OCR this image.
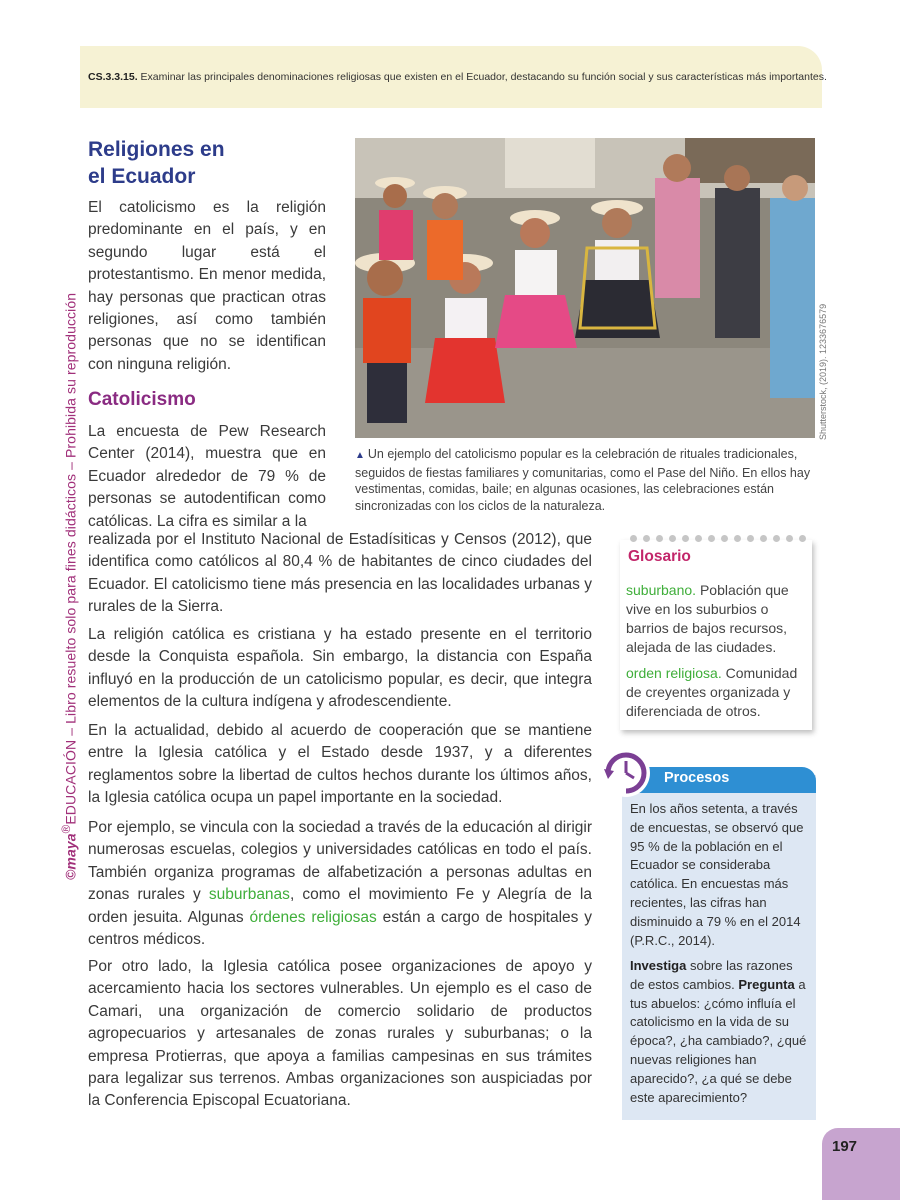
CS.3.3.15. Examinar las principales denominaciones religiosas que existen en el Ecuador, destacando su función social y sus características más importantes.
©maya®EDUCACIÓN – Libro resuelto solo para fines didácticos – Prohibida su reproducción
Religiones en
el Ecuador

El catolicismo es la religión predominante en el país, y en segundo lugar está el protestantismo. En menor medida, hay personas que practican otras religiones, así como también personas que no se identifican con ninguna religión.

Catolicismo

La encuesta de Pew Research Center (2014), muestra que en Ecuador alrededor de 79 % de personas se autodentifican como católicas. La cifra es similar a la

realizada por el Instituto Nacional de Estadísiticas y Censos (2012), que identifica como católicos al 80,4 % de habitantes de cinco ciudades del Ecuador. El catolicismo tiene más presencia en las localidades urbanas y rurales de la Sierra.

La religión católica es cristiana y ha estado presente en el territorio desde la Conquista española. Sin embargo, la distancia con España influyó en la producción de un catolicismo popular, es decir, que integra elementos de la cultura indígena y afrodescendiente.

En la actualidad, debido al acuerdo de cooperación que se mantiene entre la Iglesia católica y el Estado desde 1937, y a diferentes reglamentos sobre la libertad de cultos hechos durante los últimos años, la Iglesia católica ocupa un papel importante en la sociedad.

Por ejemplo, se vincula con la sociedad a través de la educación al dirigir numerosas escuelas, colegios y universidades católicas en todo el país. También organiza programas de alfabetización a personas adultas en zonas rurales y suburbanas, como el movimiento Fe y Alegría de la orden jesuita. Algunas órdenes religiosas están a cargo de hospitales y centros médicos.

Por otro lado, la Iglesia católica posee organizaciones de apoyo y acercamiento hacia los sectores vulnerables. Un ejemplo es el caso de Camari, una organización de comercio solidario de productos agropecuarios y artesanales de zonas rurales y suburbanas; o la empresa Protierras, que apoya a familias campesinas en sus trámites para legalizar sus terrenos. Ambas organizaciones son auspiciadas por la Conferencia Episcopal Ecuatoriana.

Shutterstock, (2019). 1233676579
▲ Un ejemplo del catolicismo popular es la celebración de rituales tradicionales, seguidos de fiestas familiares y comunitarias, como el Pase del Niño. En ellos hay vestimentas, comidas, baile; en algunas ocasiones, las celebraciones están sincronizadas con los ciclos de la naturaleza.
Glosario
suburbano. Población que vive en los suburbios o barrios de bajos recursos, alejada de las ciudades.
orden religiosa. Comunidad de creyentes organizada y diferenciada de otros.
Procesos
En los años setenta, a través de encuestas, se observó que 95 % de la población en el Ecuador se consideraba católica. En encuestas más recientes, las cifras han disminuido a 79 % en el 2014 (P.R.C., 2014).
Investiga sobre las razones de estos cambios. Pregunta a tus abuelos: ¿cómo influía el catolicismo en la vida de su época?, ¿ha cambiado?, ¿qué nuevas religiones han aparecido?, ¿a qué se debe este aparecimiento?
197
